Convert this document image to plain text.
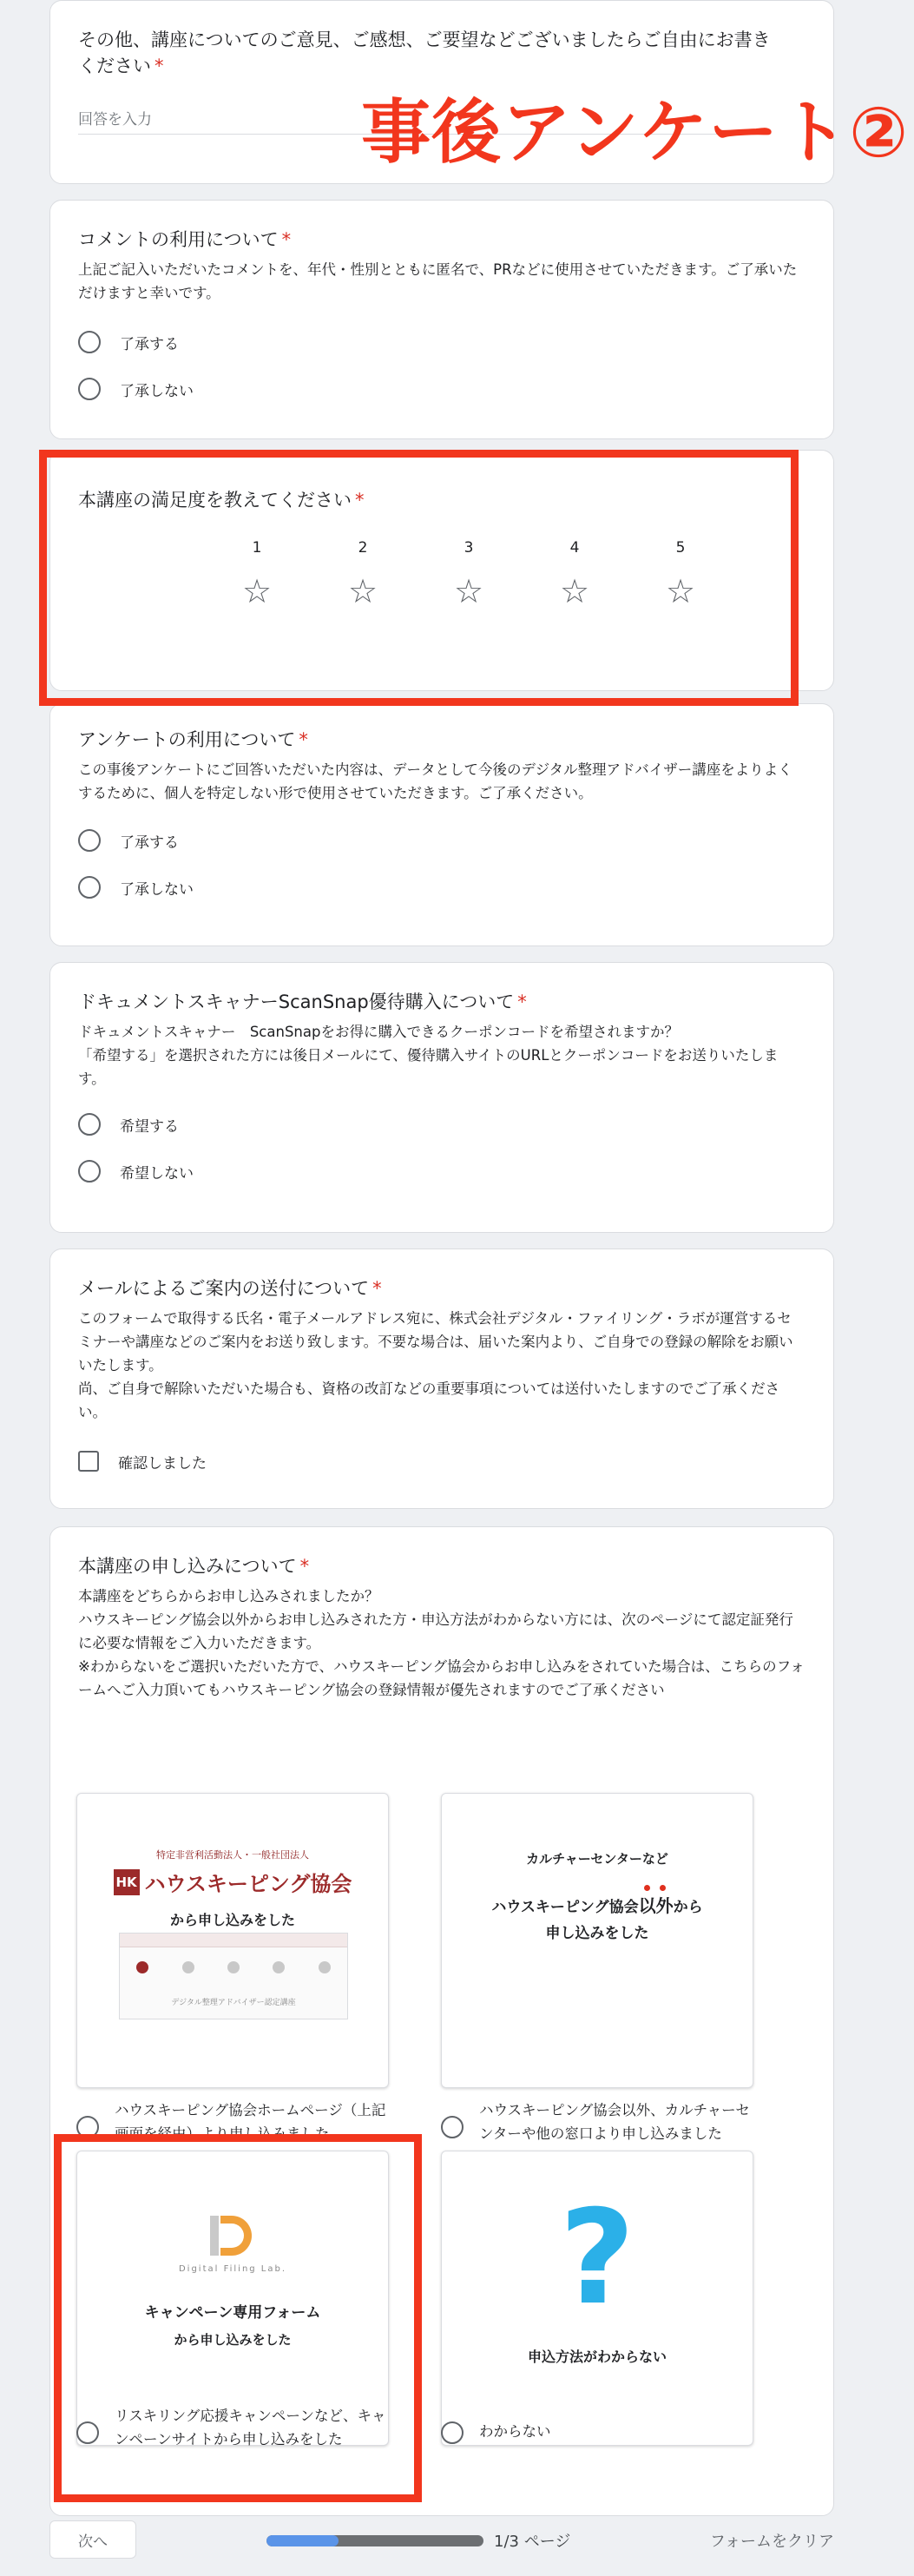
事後アンケート②
その他、講座についてのご意見、ご感想、ご要望などございましたらご自由にお書きください *
回答を入力
コメントの利用について *
上記ご記入いただいたコメントを、年代・性別とともに匿名で、PRなどに使用させていただきます。ご了承いただけますと幸いです。
了承する
了承しない
本講座の満足度を教えてください *
1
☆
2
☆
3
☆
4
☆
5
☆
アンケートの利用について *
この事後アンケートにご回答いただいた内容は、データとして今後のデジタル整理アドバイザー講座をよりよくするために、個人を特定しない形で使用させていただきます。ご了承ください。
了承する
了承しない
ドキュメントスキャナーScanSnap優待購入について *
ドキュメントスキャナー　ScanSnapをお得に購入できるクーポンコードを希望されますか？
「希望する」を選択された方には後日メールにて、優待購入サイトのURLとクーポンコードをお送りいたします。
希望する
希望しない
メールによるご案内の送付について *
このフォームで取得する氏名・電子メールアドレス宛に、株式会社デジタル・ファイリング・ラボが運営するセミナーや講座などのご案内をお送り致します。不要な場合は、届いた案内より、ご自身での登録の解除をお願いいたします。
尚、ご自身で解除いただいた場合も、資格の改訂などの重要事項については送付いたしますのでご了承ください。
確認しました
本講座の申し込みについて *
本講座をどちらからお申し込みされましたか？
ハウスキーピング協会以外からお申し込みされた方・申込方法がわからない方には、次のページにて認定証発行に必要な情報をご入力いただきます。
※わからないをご選択いただいた方で、ハウスキーピング協会からお申し込みをされていた場合は、こちらのフォームへご入力頂いてもハウスキーピング協会の登録情報が優先されますのでご了承ください
特定非営利活動法人・一般社団法人
HK ハウスキーピング協会
から申し込みをした
デジタル整理アドバイザー認定講座
ハウスキーピング協会ホームページ（上記画面を経由）より申し込みました
カルチャーセンターなど
ハウスキーピング協会
以外から
申し込みをした
ハウスキーピング協会以外、カルチャーセンターや他の窓口より申し込みました
Digital Filing Lab.
キャンペーン専用フォーム
から申し込みをした
リスキリング応援キャンペーンなど、キャンペーンサイトから申し込みをした
?
申込方法がわからない
わからない
次へ	1/3 ページ	フォームをクリア
